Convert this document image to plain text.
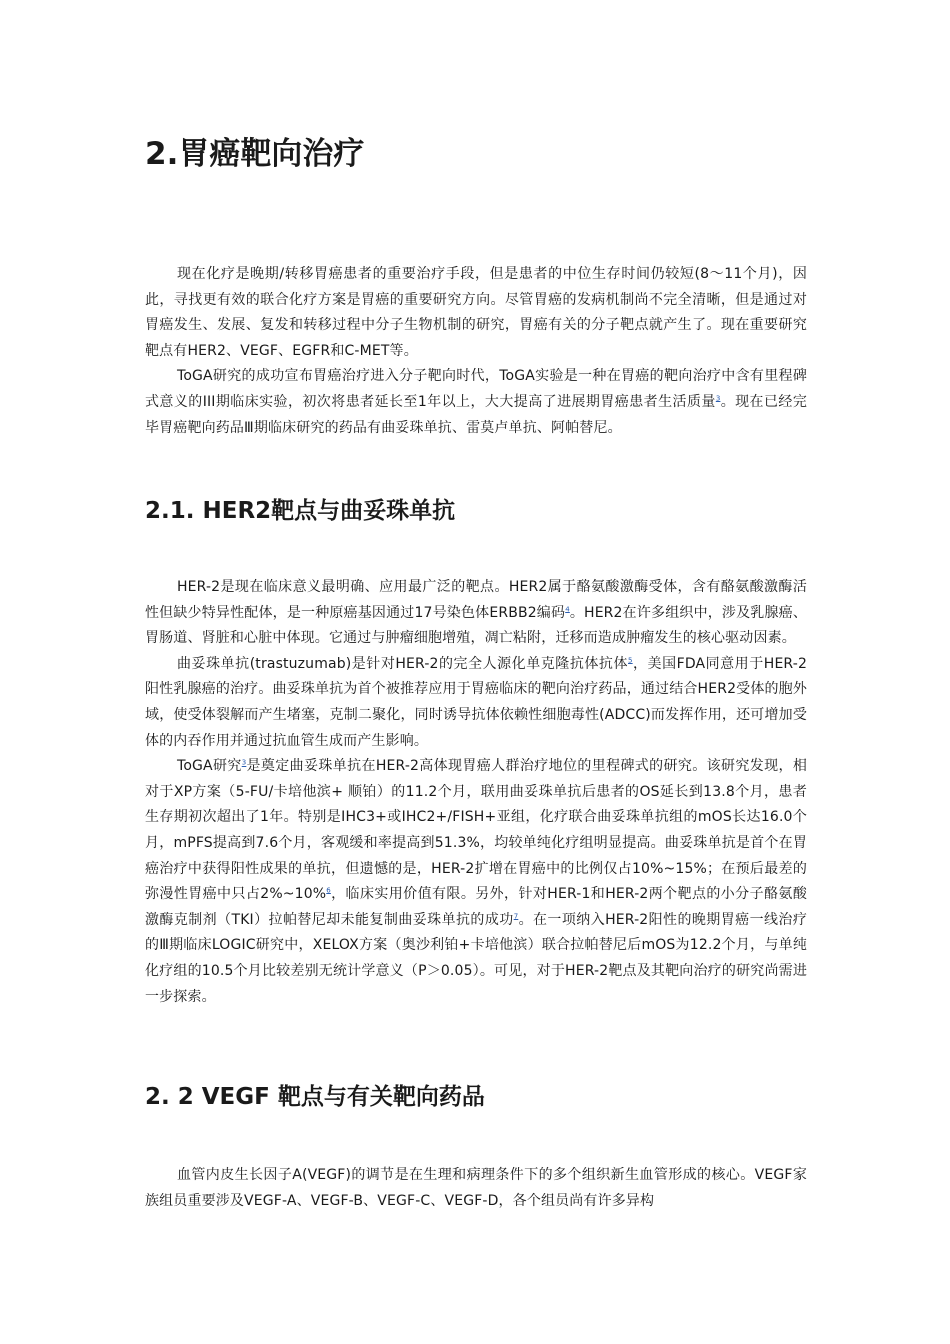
2.胃癌靶向治疗

现在化疗是晚期/转移胃癌患者的重要治疗手段，但是患者的中位生存时间仍较短(8～11个月)，因此，寻找更有效的联合化疗方案是胃癌的重要研究方向。尽管胃癌的发病机制尚不完全清晰，但是通过对胃癌发生、发展、复发和转移过程中分子生物机制的研究，胃癌有关的分子靶点就产生了。现在重要研究靶点有HER2、VEGF、EGFR和C-MET等。

ToGA研究的成功宣布胃癌治疗进入分子靶向时代，ToGA实验是一种在胃癌的靶向治疗中含有里程碑式意义的III期临床实验，初次将患者延长至1年以上，大大提高了进展期胃癌患者生活质量$^3$。现在已经完毕胃癌靶向药品Ⅲ期临床研究的药品有曲妥珠单抗、雷莫卢单抗、阿帕替尼。

2.1. HER2靶点与曲妥珠单抗

HER-2是现在临床意义最明确、应用最广泛的靶点。HER2属于酪氨酸激酶受体，含有酪氨酸激酶活性但缺少特异性配体，是一种原癌基因通过17号染色体ERBB2编码$^4$。HER2在许多组织中，涉及乳腺癌、胃肠道、肾脏和心脏中体现。它通过与肿瘤细胞增殖，凋亡粘附，迁移而造成肿瘤发生的核心驱动因素。

曲妥珠单抗(trastuzumab)是针对HER-2的完全人源化单克隆抗体抗体$^5$，美国FDA同意用于HER-2阳性乳腺癌的治疗。曲妥珠单抗为首个被推荐应用于胃癌临床的靶向治疗药品，通过结合HER2受体的胞外域，使受体裂解而产生堵塞，克制二聚化，同时诱导抗体依赖性细胞毒性(ADCC)而发挥作用，还可增加受体的内吞作用并通过抗血管生成而产生影响。

ToGA研究$^3$是奠定曲妥珠单抗在HER-2高体现胃癌人群治疗地位的里程碑式的研究。该研究发现，相对于XP方案（5-FU/卡培他滨+ 顺铂）的11.2个月，联用曲妥珠单抗后患者的OS延长到13.8个月，患者生存期初次超出了1年。特别是IHC3+或IHC2+/FISH+亚组，化疗联合曲妥珠单抗组的mOS长达16.0个月，mPFS提高到7.6个月，客观缓和率提高到51.3%，均较单纯化疗组明显提高。曲妥珠单抗是首个在胃癌治疗中获得阳性成果的单抗，但遗憾的是，HER-2扩增在胃癌中的比例仅占10%~15%；在预后最差的弥漫性胃癌中只占2%~10%$^6$，临床实用价值有限。另外，针对HER-1和HER-2两个靶点的小分子酪氨酸激酶克制剂（TKI）拉帕替尼却未能复制曲妥珠单抗的成功$^7$。在一项纳入HER-2阳性的晚期胃癌一线治疗的Ⅲ期临床LOGIC研究中，XELOX方案（奥沙利铂+卡培他滨）联合拉帕替尼后mOS为12.2个月，与单纯化疗组的10.5个月比较差别无统计学意义（P＞0.05）。可见，对于HER-2靶点及其靶向治疗的研究尚需进一步探索。

2. 2 VEGF 靶点与有关靶向药品

血管内皮生长因子A(VEGF)的调节是在生理和病理条件下的多个组织新生血管形成的核心。VEGF家族组员重要涉及VEGF-A、VEGF-B、VEGF-C、VEGF-D，各个组员尚有许多异构
